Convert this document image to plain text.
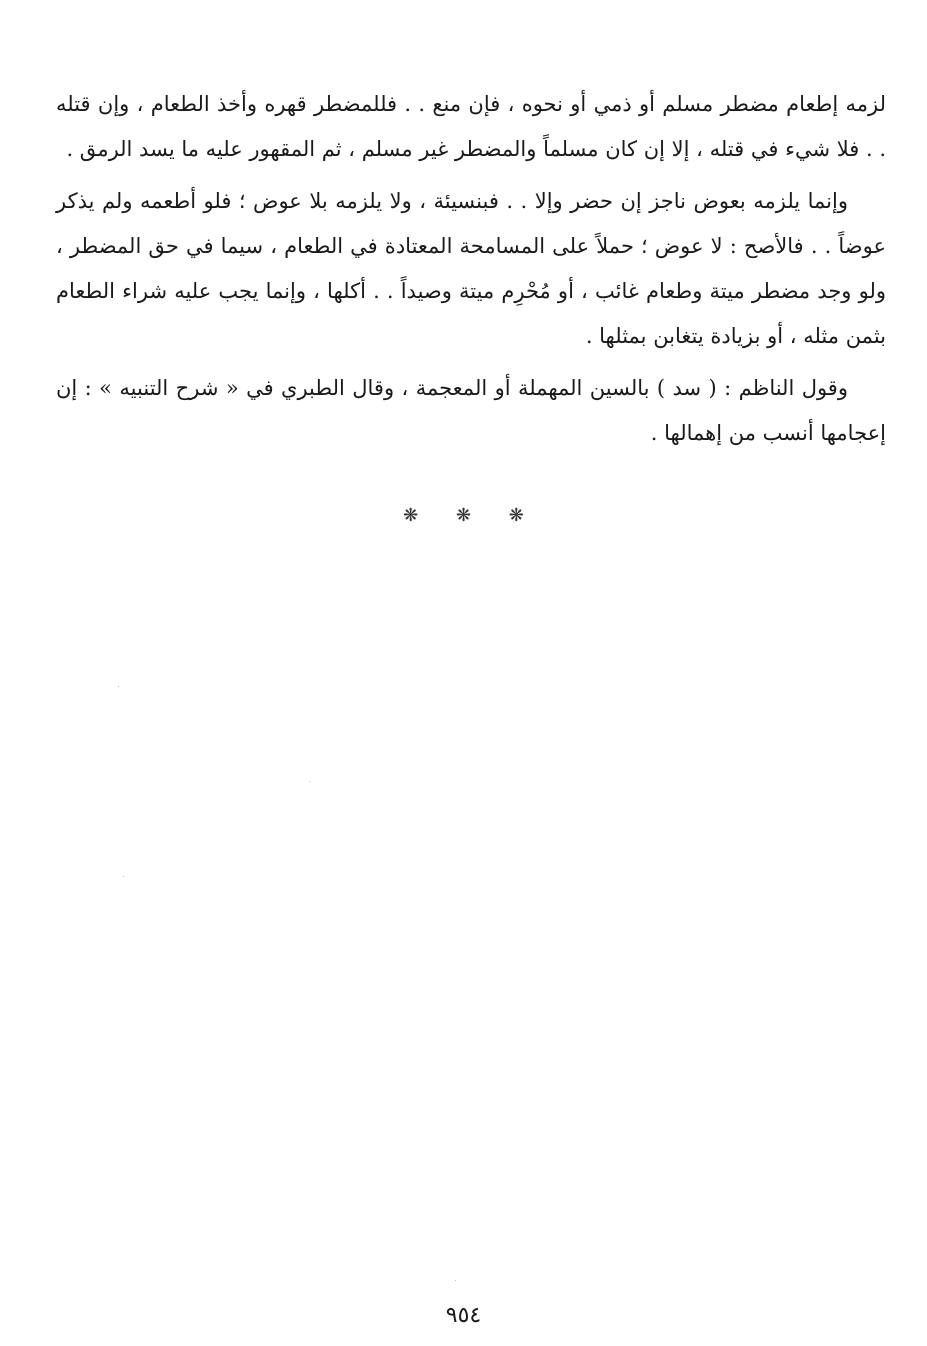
لزمه إطعام مضطر مسلم أو ذمي أو نحوه ، فإن منع . . فللمضطر قهره وأخذ الطعام ، وإن قتله . . فلا شيء في قتله ، إلا إن كان مسلماً والمضطر غير مسلم ، ثم المقهور عليه ما يسد الرمق .

وإنما يلزمه بعوض ناجز إن حضر وإلا . . فبنسيئة ، ولا يلزمه بلا عوض ؛ فلو أطعمه ولم يذكر عوضاً . . فالأصح : لا عوض ؛ حملاً على المسامحة المعتادة في الطعام ، سيما في حق المضطر ، ولو وجد مضطر ميتة وطعام غائب ، أو مُحْرِم ميتة وصيداً . . أكلها ، وإنما يجب عليه شراء الطعام بثمن مثله ، أو بزيادة يتغابن بمثلها .

وقول الناظم : ( سد ) بالسين المهملة أو المعجمة ، وقال الطبري في « شرح التنبيه » : إن إعجامها أنسب من إهمالها .

❋ ❋ ❋
٩٥٤
